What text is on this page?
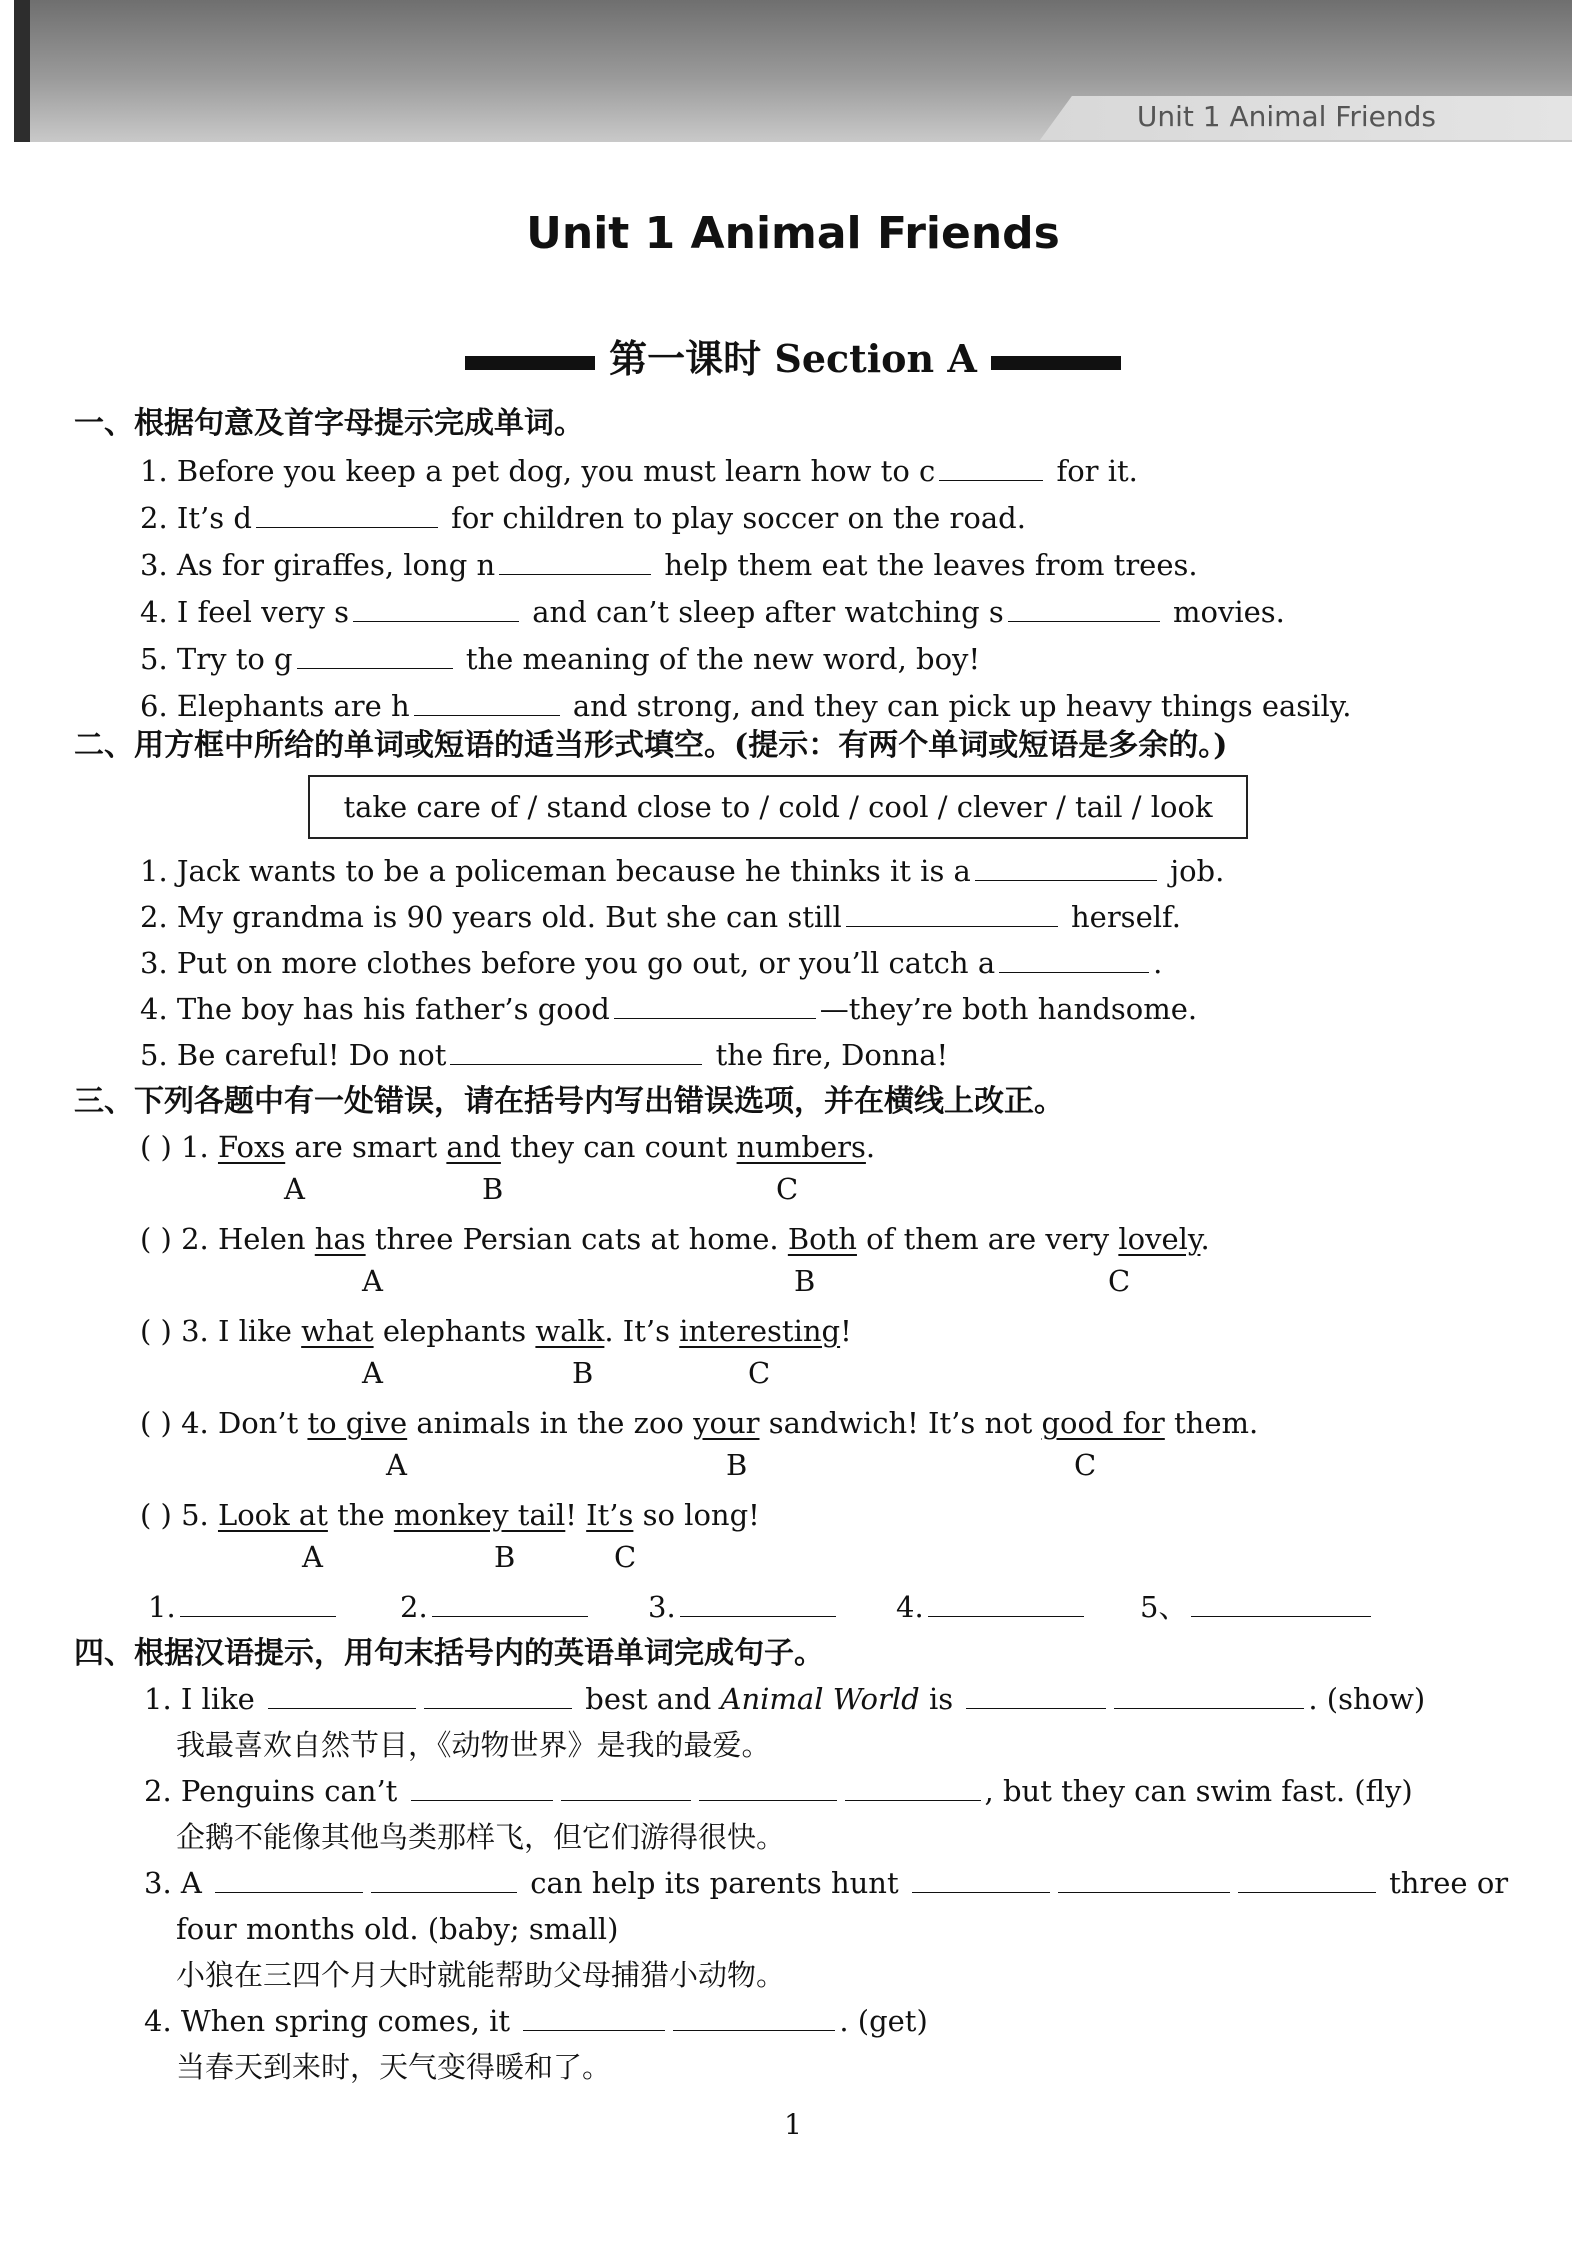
Unit 1 Animal Friends
Unit 1 Animal Friends
第一课时 Section A
一、根据句意及首字母提示完成单词。
1. Before you keep a pet dog, you must learn how to c	for it.
2. It’s d	for children to play soccer on the road.
3. As for giraffes, long n	help them eat the leaves from trees.
4. I feel very s	and can’t sleep after watching s	movies.
5. Try to g	the meaning of the new word, boy!
6. Elephants are h	and strong, and they can pick up heavy things easily.
二、用方框中所给的单词或短语的适当形式填空。(提示：有两个单词或短语是多余的。)
take care of / stand close to / cold / cool / clever / tail / look
1. Jack wants to be a policeman because he thinks it is a	job.
2. My grandma is 90 years old. But she can still	herself.
3. Put on more clothes before you go out, or you’ll catch a	.
4. The boy has his father’s good	—they’re both handsome.
5. Be careful! Do not	the fire, Donna!
三、下列各题中有一处错误，请在括号内写出错误选项，并在横线上改正。
( ) 1. Foxs are smart and they can count numbers.
A	B	C
( ) 2. Helen has three Persian cats at home. Both of them are very lovely.
A	B	C
( ) 3. I like what elephants walk. It’s interesting!
A	B	C
( ) 4. Don’t to give animals in the zoo your sandwich! It’s not good for them.
A	B	C
( ) 5. Look at the monkey tail! It’s so long!
A	B	C
1.	2.	3.	4.	5、
四、根据汉语提示，用句末括号内的英语单词完成句子。
1. I like	best and Animal World is	. (show)
我最喜欢自然节目，《动物世界》是我的最爱。
2. Penguins can’t	, but they can swim fast. (fly)
企鹅不能像其他鸟类那样飞，但它们游得很快。
3. A	can help its parents hunt	three or
four months old. (baby; small)
小狼在三四个月大时就能帮助父母捕猎小动物。
4. When spring comes, it	. (get)
当春天到来时，天气变得暖和了。
1
